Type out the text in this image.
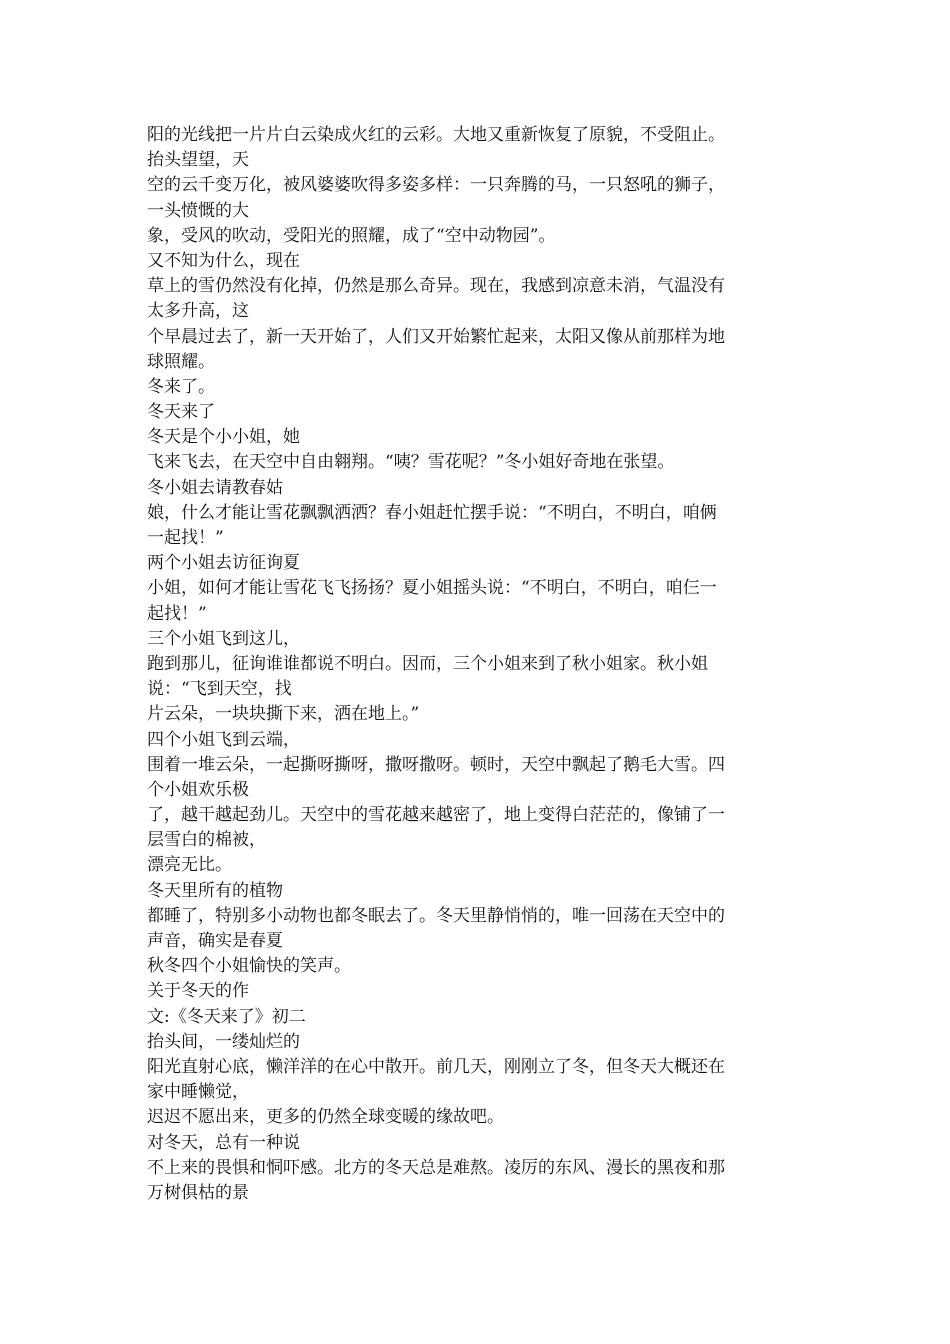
阳的光线把一片片白云染成火红的云彩。大地又重新恢复了原貌，不受阻止。
抬头望望，天
空的云千变万化，被风婆婆吹得多姿多样：一只奔腾的马，一只怒吼的狮子，
一头愤慨的大
象，受风的吹动，受阳光的照耀，成了“空中动物园”。
又不知为什么，现在
草上的雪仍然没有化掉，仍然是那么奇异。现在，我感到凉意未消，气温没有
太多升高，这
个早晨过去了，新一天开始了，人们又开始繁忙起来，太阳又像从前那样为地
球照耀。
冬来了。
冬天来了
冬天是个小小姐，她
飞来飞去，在天空中自由翱翔。“咦？雪花呢？”冬小姐好奇地在张望。
冬小姐去请教春姑
娘，什么才能让雪花飘飘洒洒？春小姐赶忙摆手说：“不明白，不明白，咱俩
一起找！”
两个小姐去访征询夏
小姐，如何才能让雪花飞飞扬扬？夏小姐摇头说：“不明白，不明白，咱仨一
起找！”
三个小姐飞到这儿，
跑到那儿，征询谁谁都说不明白。因而，三个小姐来到了秋小姐家。秋小姐
说：“飞到天空，找
片云朵，一块块撕下来，洒在地上。”
四个小姐飞到云端，
围着一堆云朵，一起撕呀撕呀，撒呀撒呀。顿时，天空中飘起了鹅毛大雪。四
个小姐欢乐极
了，越干越起劲儿。天空中的雪花越来越密了，地上变得白茫茫的，像铺了一
层雪白的棉被，
漂亮无比。
冬天里所有的植物
都睡了，特别多小动物也都冬眠去了。冬天里静悄悄的，唯一回荡在天空中的
声音，确实是春夏
秋冬四个小姐愉快的笑声。
关于冬天的作
文:《冬天来了》初二
抬头间，一缕灿烂的
阳光直射心底，懒洋洋的在心中散开。前几天，刚刚立了冬，但冬天大概还在
家中睡懒觉，
迟迟不愿出来，更多的仍然全球变暖的缘故吧。
对冬天，总有一种说
不上来的畏惧和恫吓感。北方的冬天总是难熬。凌厉的东风、漫长的黑夜和那
万树俱枯的景
